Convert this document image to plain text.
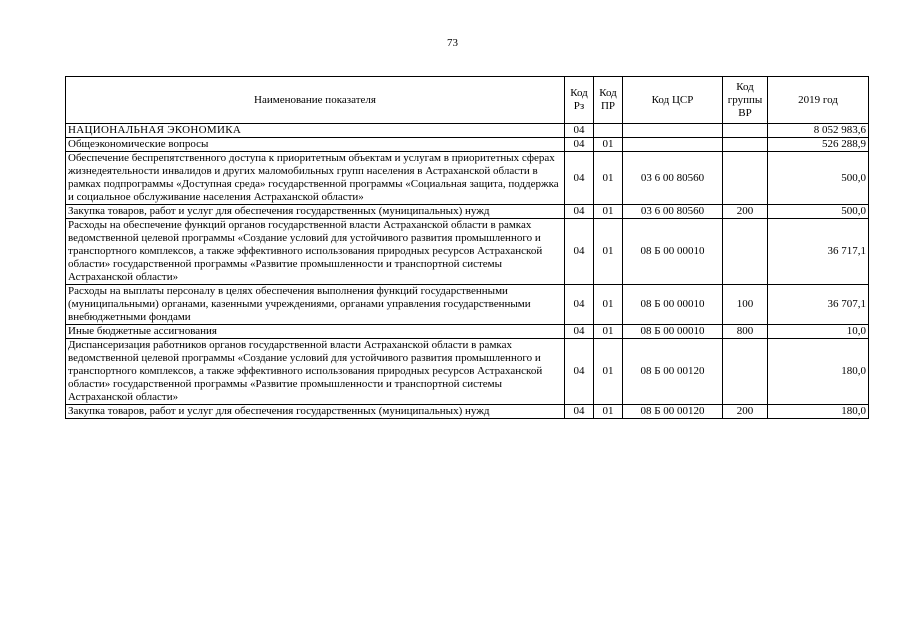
73
Наименование показателя	Код Рз	Код ПР	Код ЦСР	Код группы ВР	2019 год
НАЦИОНАЛЬНАЯ ЭКОНОМИКА	04				8 052 983,6
Общеэкономические вопросы	04	01			526 288,9
Обеспечение беспрепятственного доступа к приоритетным объектам и услугам в приоритетных сферах жизнедеятельности инвалидов и других маломобильных групп населения в Астраханской области в рамках подпрограммы «Доступная среда» государственной программы «Социальная защита, поддержка и социальное обслуживание населения Астраханской области»	04	01	03 6 00 80560		500,0
Закупка товаров, работ и услуг для обеспечения государственных (муниципальных) нужд	04	01	03 6 00 80560	200	500,0
Расходы на обеспечение функций органов государственной власти Астраханской области в рамках ведомственной целевой программы «Создание условий для устойчивого развития промышленного и транспортного комплексов, а также эффективного использования природных ресурсов Астраханской области» государственной программы «Развитие промышленности и транспортной системы Астраханской области»	04	01	08 Б 00 00010		36 717,1
Расходы на выплаты персоналу в целях обеспечения выполнения функций государственными (муниципальными) органами, казенными учреждениями, органами управления государственными внебюджетными фондами	04	01	08 Б 00 00010	100	36 707,1
Иные бюджетные ассигнования	04	01	08 Б 00 00010	800	10,0
Диспансеризация работников органов государственной власти Астраханской области в рамках ведомственной целевой программы «Создание условий для устойчивого развития промышленного и транспортного комплексов, а также эффективного использования природных ресурсов Астраханской области» государственной программы «Развитие промышленности и транспортной системы Астраханской области»	04	01	08 Б 00 00120		180,0
Закупка товаров, работ и услуг для обеспечения государственных (муниципальных) нужд	04	01	08 Б 00 00120	200	180,0
